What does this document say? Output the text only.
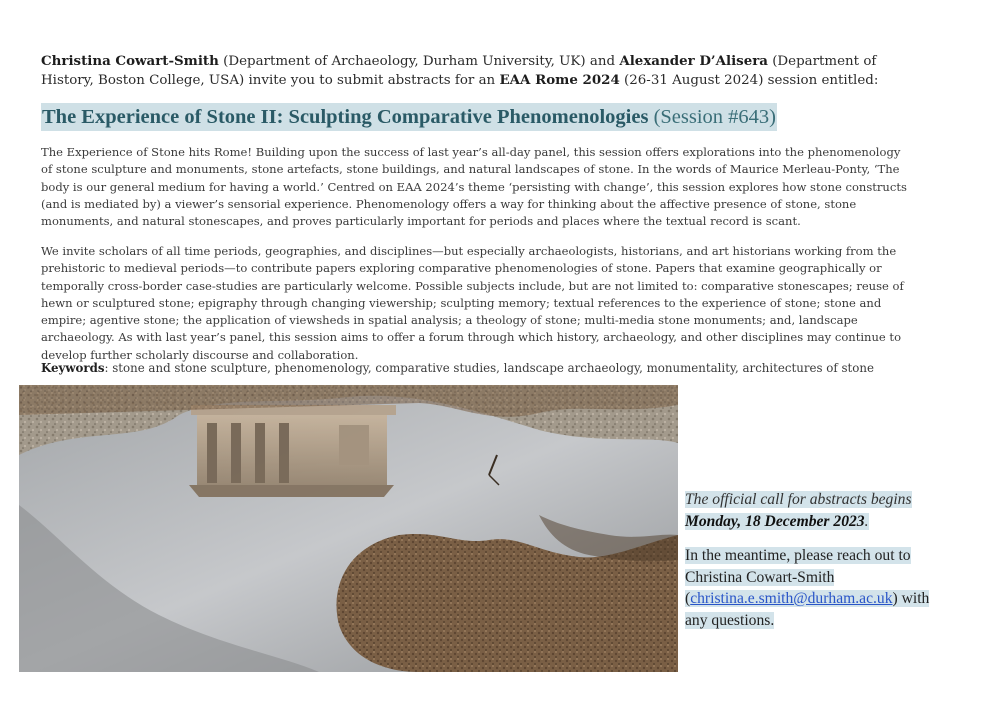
Christina Cowart-Smith (Department of Archaeology, Durham University, UK) and Alexander D’Alisera (Department of History, Boston College, USA) invite you to submit abstracts for an EAA Rome 2024 (26-31 August 2024) session entitled:
The Experience of Stone II: Sculpting Comparative Phenomenologies (Session #643)
The Experience of Stone hits Rome! Building upon the success of last year’s all-day panel, this session offers explorations into the phenomenology of stone sculpture and monuments, stone artefacts, stone buildings, and natural landscapes of stone. In the words of Maurice Merleau-Ponty, ‘The body is our general medium for having a world.’ Centred on EAA 2024’s theme ‘persisting with change’, this session explores how stone constructs (and is mediated by) a viewer’s sensorial experience. Phenomenology offers a way for thinking about the affective presence of stone, stone monuments, and natural stonescapes, and proves particularly important for periods and places where the textual record is scant.
We invite scholars of all time periods, geographies, and disciplines—but especially archaeologists, historians, and art historians working from the prehistoric to medieval periods—to contribute papers exploring comparative phenomenologies of stone. Papers that examine geographically or temporally cross-border case-studies are particularly welcome. Possible subjects include, but are not limited to: comparative stonescapes; reuse of hewn or sculptured stone; epigraphy through changing viewership; sculpting memory; textual references to the experience of stone; stone and empire; agentive stone; the application of viewsheds in spatial analysis; a theology of stone; multi-media stone monuments; and, landscape archaeology. As with last year’s panel, this session aims to offer a forum through which history, archaeology, and other disciplines may continue to develop further scholarly discourse and collaboration.
Keywords: stone and stone sculpture, phenomenology, comparative studies, landscape archaeology, monumentality, architectures of stone
The official call for abstracts begins
Monday, 18 December 2023.
In the meantime, please reach out to Christina Cowart-Smith (christina.e.smith@durham.ac.uk) with any questions.
